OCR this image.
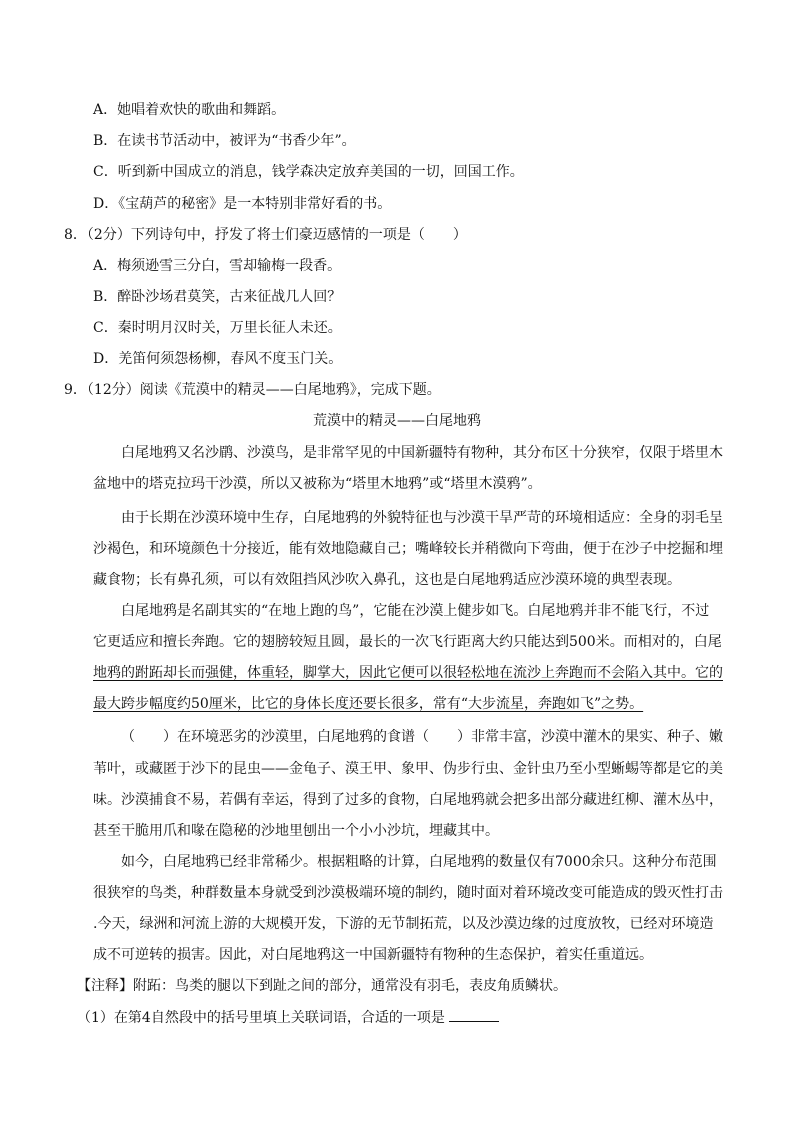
A．她唱着欢快的歌曲和舞蹈。
B．在读书节活动中，被评为“书香少年”。
C．听到新中国成立的消息，钱学森决定放弃美国的一切，回国工作。
D．《宝葫芦的秘密》是一本特别非常好看的书。
8．（2分）下列诗句中，抒发了将士们豪迈感情的一项是（　　）
A．梅须逊雪三分白，雪却输梅一段香。
B．醉卧沙场君莫笑，古来征战几人回？
C．秦时明月汉时关，万里长征人未还。
D．羌笛何须怨杨柳，春风不度玉门关。
9．（12分）阅读《荒漠中的精灵——白尾地鸦》，完成下题。
荒漠中的精灵——白尾地鸦
白尾地鸦又名沙鹛、沙漠鸟，是非常罕见的中国新疆特有物种，其分布区十分狭窄，仅限于塔里木
盆地中的塔克拉玛干沙漠，所以又被称为“塔里木地鸦”或“塔里木漠鸦”。
由于长期在沙漠环境中生存，白尾地鸦的外貌特征也与沙漠干旱严苛的环境相适应：全身的羽毛呈
沙褐色，和环境颜色十分接近，能有效地隐藏自己；嘴峰较长并稍微向下弯曲，便于在沙子中挖掘和埋
藏食物；长有鼻孔须，可以有效阻挡风沙吹入鼻孔，这也是白尾地鸦适应沙漠环境的典型表现。
白尾地鸦是名副其实的“在地上跑的鸟”，它能在沙漠上健步如飞。白尾地鸦并非不能飞行，不过
它更适应和擅长奔跑。它的翅膀较短且圆，最长的一次飞行距离大约只能达到500米。而相对的，白尾
地鸦的跗跖却长而强健，体重轻，脚掌大，因此它便可以很轻松地在流沙上奔跑而不会陷入其中。它的
最大跨步幅度约50厘米，比它的身体长度还要长很多，常有“大步流星，奔跑如飞”之势。
（　　）在环境恶劣的沙漠里，白尾地鸦的食谱（　　）非常丰富，沙漠中灌木的果实、种子、嫩
苇叶，或藏匿于沙下的昆虫——金龟子、漠王甲、象甲、伪步行虫、金针虫乃至小型蜥蜴等都是它的美
味。沙漠捕食不易，若偶有幸运，得到了过多的食物，白尾地鸦就会把多出部分藏进红柳、灌木丛中，
甚至干脆用爪和喙在隐秘的沙地里刨出一个小小沙坑，埋藏其中。
如今，白尾地鸦已经非常稀少。根据粗略的计算，白尾地鸦的数量仅有7000余只。这种分布范围
很狭窄的鸟类，种群数量本身就受到沙漠极端环境的制约，随时面对着环境改变可能造成的毁灭性打击
.今天，绿洲和河流上游的大规模开发，下游的无节制拓荒，以及沙漠边缘的过度放牧，已经对环境造
成不可逆转的损害。因此，对白尾地鸦这一中国新疆特有物种的生态保护，着实任重道远。
【注释】附跖：鸟类的腿以下到趾之间的部分，通常没有羽毛，表皮角质鳞状。
（1）在第4自然段中的括号里填上关联词语，合适的一项是
